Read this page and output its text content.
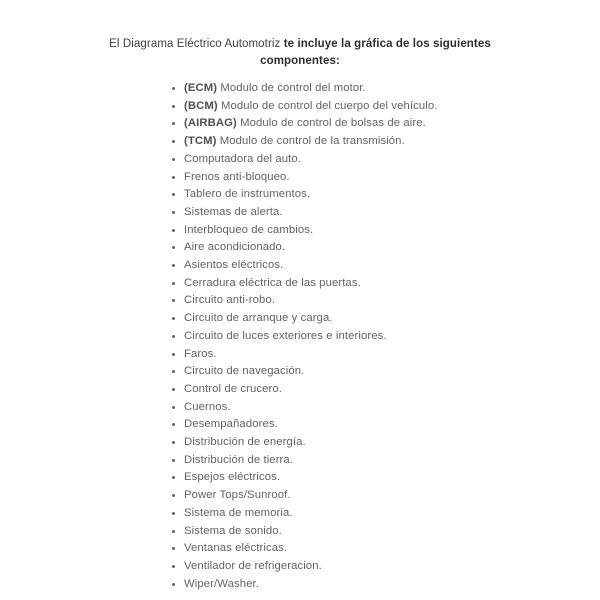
El Diagrama Eléctrico Automotriz te incluye la gráfica de los siguientes
componentes:

• (ECM) Modulo de control del motor.
• (BCM) Modulo de control del cuerpo del vehículo.
• (AIRBAG) Modulo de control de bolsas de aire.
• (TCM) Modulo de control de la transmisión.
• Computadora del auto.
• Frenos anti-bloqueo.
• Tablero de instrumentos.
• Sistemas de alerta.
• Interbloqueo de cambios.
• Aire acondicionado.
• Asientos eléctricos.
• Cerradura eléctrica de las puertas.
• Circuito anti-robo.
• Circuito de arranque y carga.
• Circuito de luces exteriores e interiores.
• Faros.
• Circuito de navegación.
• Control de crucero.
• Cuernos.
• Desempañadores.
• Distribución de energía.
• Distribución de tierra.
• Espejos eléctricos.
• Power Tops/Sunroof.
• Sistema de memoria.
• Sistema de sonido.
• Ventanas eléctricas.
• Ventilador de refrigeracion.
• Wiper/Washer.
